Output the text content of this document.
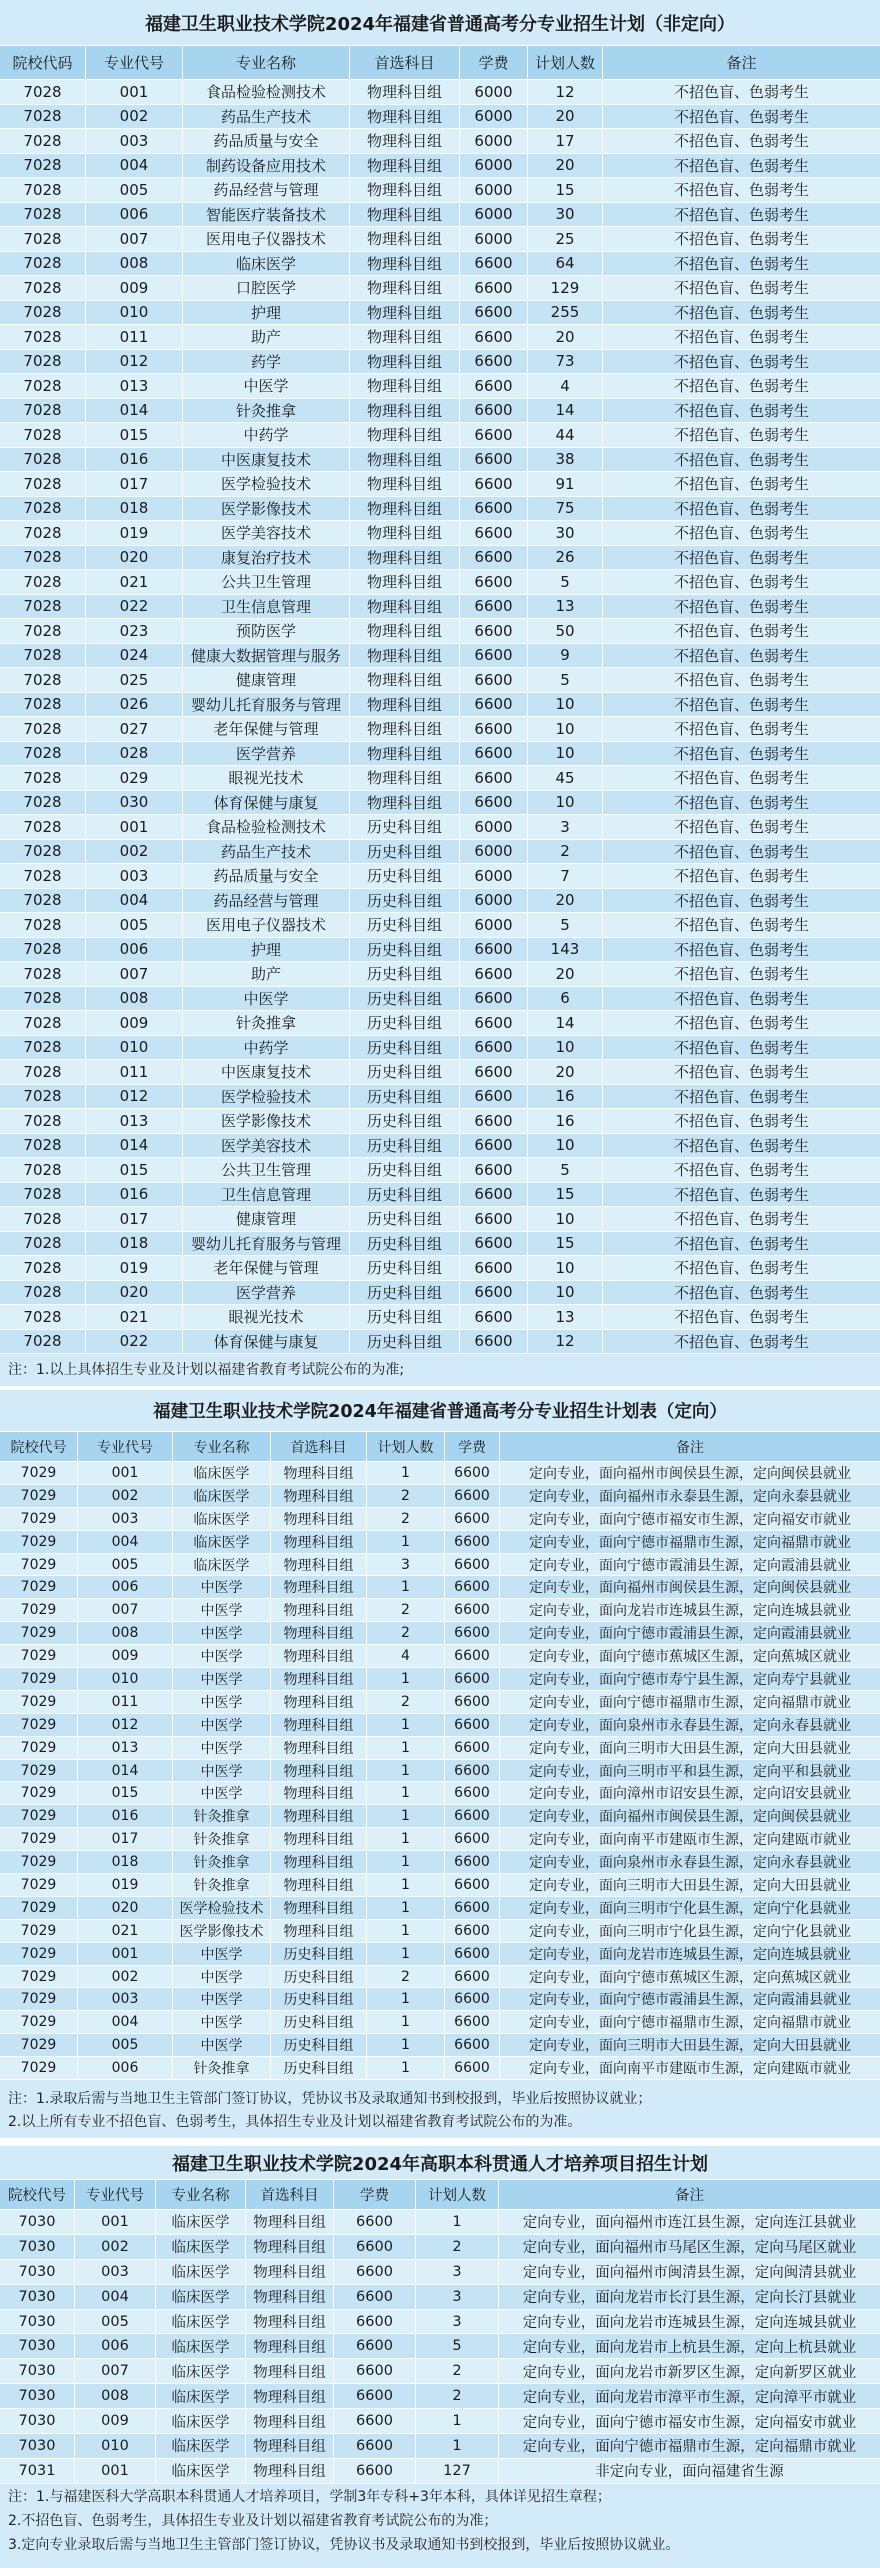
福建卫生职业技术学院2024年福建省普通高考分专业招生计划（非定向）
院校代码	专业代号	专业名称	首选科目	学费	计划人数	备注
7028	001	食品检验检测技术	物理科目组	6000	12	不招色盲、色弱考生
7028	002	药品生产技术	物理科目组	6000	20	不招色盲、色弱考生
7028	003	药品质量与安全	物理科目组	6000	17	不招色盲、色弱考生
7028	004	制药设备应用技术	物理科目组	6000	20	不招色盲、色弱考生
7028	005	药品经营与管理	物理科目组	6000	15	不招色盲、色弱考生
7028	006	智能医疗装备技术	物理科目组	6000	30	不招色盲、色弱考生
7028	007	医用电子仪器技术	物理科目组	6000	25	不招色盲、色弱考生
7028	008	临床医学	物理科目组	6600	64	不招色盲、色弱考生
7028	009	口腔医学	物理科目组	6600	129	不招色盲、色弱考生
7028	010	护理	物理科目组	6600	255	不招色盲、色弱考生
7028	011	助产	物理科目组	6600	20	不招色盲、色弱考生
7028	012	药学	物理科目组	6600	73	不招色盲、色弱考生
7028	013	中医学	物理科目组	6600	4	不招色盲、色弱考生
7028	014	针灸推拿	物理科目组	6600	14	不招色盲、色弱考生
7028	015	中药学	物理科目组	6600	44	不招色盲、色弱考生
7028	016	中医康复技术	物理科目组	6600	38	不招色盲、色弱考生
7028	017	医学检验技术	物理科目组	6600	91	不招色盲、色弱考生
7028	018	医学影像技术	物理科目组	6600	75	不招色盲、色弱考生
7028	019	医学美容技术	物理科目组	6600	30	不招色盲、色弱考生
7028	020	康复治疗技术	物理科目组	6600	26	不招色盲、色弱考生
7028	021	公共卫生管理	物理科目组	6600	5	不招色盲、色弱考生
7028	022	卫生信息管理	物理科目组	6600	13	不招色盲、色弱考生
7028	023	预防医学	物理科目组	6600	50	不招色盲、色弱考生
7028	024	健康大数据管理与服务	物理科目组	6600	9	不招色盲、色弱考生
7028	025	健康管理	物理科目组	6600	5	不招色盲、色弱考生
7028	026	婴幼儿托育服务与管理	物理科目组	6600	10	不招色盲、色弱考生
7028	027	老年保健与管理	物理科目组	6600	10	不招色盲、色弱考生
7028	028	医学营养	物理科目组	6600	10	不招色盲、色弱考生
7028	029	眼视光技术	物理科目组	6600	45	不招色盲、色弱考生
7028	030	体育保健与康复	物理科目组	6600	10	不招色盲、色弱考生
7028	001	食品检验检测技术	历史科目组	6000	3	不招色盲、色弱考生
7028	002	药品生产技术	历史科目组	6000	2	不招色盲、色弱考生
7028	003	药品质量与安全	历史科目组	6000	7	不招色盲、色弱考生
7028	004	药品经营与管理	历史科目组	6000	20	不招色盲、色弱考生
7028	005	医用电子仪器技术	历史科目组	6000	5	不招色盲、色弱考生
7028	006	护理	历史科目组	6600	143	不招色盲、色弱考生
7028	007	助产	历史科目组	6600	20	不招色盲、色弱考生
7028	008	中医学	历史科目组	6600	6	不招色盲、色弱考生
7028	009	针灸推拿	历史科目组	6600	14	不招色盲、色弱考生
7028	010	中药学	历史科目组	6600	10	不招色盲、色弱考生
7028	011	中医康复技术	历史科目组	6600	20	不招色盲、色弱考生
7028	012	医学检验技术	历史科目组	6600	16	不招色盲、色弱考生
7028	013	医学影像技术	历史科目组	6600	16	不招色盲、色弱考生
7028	014	医学美容技术	历史科目组	6600	10	不招色盲、色弱考生
7028	015	公共卫生管理	历史科目组	6600	5	不招色盲、色弱考生
7028	016	卫生信息管理	历史科目组	6600	15	不招色盲、色弱考生
7028	017	健康管理	历史科目组	6600	10	不招色盲、色弱考生
7028	018	婴幼儿托育服务与管理	历史科目组	6600	15	不招色盲、色弱考生
7028	019	老年保健与管理	历史科目组	6600	10	不招色盲、色弱考生
7028	020	医学营养	历史科目组	6600	10	不招色盲、色弱考生
7028	021	眼视光技术	历史科目组	6600	13	不招色盲、色弱考生
7028	022	体育保健与康复	历史科目组	6600	12	不招色盲、色弱考生
注：1.以上具体招生专业及计划以福建省教育考试院公布的为准;
福建卫生职业技术学院2024年福建省普通高考分专业招生计划表（定向）
院校代号	专业代号	专业名称	首选科目	计划人数	学费	备注
7029	001	临床医学	物理科目组	1	6600	定向专业，面向福州市闽侯县生源，定向闽侯县就业
7029	002	临床医学	物理科目组	2	6600	定向专业，面向福州市永泰县生源，定向永泰县就业
7029	003	临床医学	物理科目组	2	6600	定向专业，面向宁德市福安市生源，定向福安市就业
7029	004	临床医学	物理科目组	1	6600	定向专业，面向宁德市福鼎市生源，定向福鼎市就业
7029	005	临床医学	物理科目组	3	6600	定向专业，面向宁德市霞浦县生源，定向霞浦县就业
7029	006	中医学	物理科目组	1	6600	定向专业，面向福州市闽侯县生源，定向闽侯县就业
7029	007	中医学	物理科目组	2	6600	定向专业，面向龙岩市连城县生源，定向连城县就业
7029	008	中医学	物理科目组	2	6600	定向专业，面向宁德市霞浦县生源，定向霞浦县就业
7029	009	中医学	物理科目组	4	6600	定向专业，面向宁德市蕉城区生源，定向蕉城区就业
7029	010	中医学	物理科目组	1	6600	定向专业，面向宁德市寿宁县生源，定向寿宁县就业
7029	011	中医学	物理科目组	2	6600	定向专业，面向宁德市福鼎市生源，定向福鼎市就业
7029	012	中医学	物理科目组	1	6600	定向专业，面向泉州市永春县生源，定向永春县就业
7029	013	中医学	物理科目组	1	6600	定向专业，面向三明市大田县生源，定向大田县就业
7029	014	中医学	物理科目组	1	6600	定向专业，面向三明市平和县生源，定向平和县就业
7029	015	中医学	物理科目组	1	6600	定向专业，面向漳州市诏安县生源，定向诏安县就业
7029	016	针灸推拿	物理科目组	1	6600	定向专业，面向福州市闽侯县生源，定向闽侯县就业
7029	017	针灸推拿	物理科目组	1	6600	定向专业，面向南平市建瓯市生源，定向建瓯市就业
7029	018	针灸推拿	物理科目组	1	6600	定向专业，面向泉州市永春县生源，定向永春县就业
7029	019	针灸推拿	物理科目组	1	6600	定向专业，面向三明市大田县生源，定向大田县就业
7029	020	医学检验技术	物理科目组	1	6600	定向专业，面向三明市宁化县生源，定向宁化县就业
7029	021	医学影像技术	物理科目组	1	6600	定向专业，面向三明市宁化县生源，定向宁化县就业
7029	001	中医学	历史科目组	1	6600	定向专业，面向龙岩市连城县生源，定向连城县就业
7029	002	中医学	历史科目组	2	6600	定向专业，面向宁德市蕉城区生源，定向蕉城区就业
7029	003	中医学	历史科目组	1	6600	定向专业，面向宁德市霞浦县生源，定向霞浦县就业
7029	004	中医学	历史科目组	1	6600	定向专业，面向宁德市福鼎市生源，定向福鼎市就业
7029	005	中医学	历史科目组	1	6600	定向专业，面向三明市大田县生源，定向大田县就业
7029	006	针灸推拿	历史科目组	1	6600	定向专业，面向南平市建瓯市生源，定向建瓯市就业
注：1.录取后需与当地卫生主管部门签订协议，凭协议书及录取通知书到校报到，毕业后按照协议就业；
2.以上所有专业不招色盲、色弱考生，具体招生专业及计划以福建省教育考试院公布的为准。
福建卫生职业技术学院2024年高职本科贯通人才培养项目招生计划
院校代号	专业代号	专业名称	首选科目	学费	计划人数	备注
7030	001	临床医学	物理科目组	6600	1	定向专业，面向福州市连江县生源，定向连江县就业
7030	002	临床医学	物理科目组	6600	2	定向专业，面向福州市马尾区生源，定向马尾区就业
7030	003	临床医学	物理科目组	6600	3	定向专业，面向福州市闽清县生源，定向闽清县就业
7030	004	临床医学	物理科目组	6600	3	定向专业，面向龙岩市长汀县生源，定向长汀县就业
7030	005	临床医学	物理科目组	6600	3	定向专业，面向龙岩市连城县生源，定向连城县就业
7030	006	临床医学	物理科目组	6600	5	定向专业，面向龙岩市上杭县生源，定向上杭县就业
7030	007	临床医学	物理科目组	6600	2	定向专业，面向龙岩市新罗区生源，定向新罗区就业
7030	008	临床医学	物理科目组	6600	2	定向专业，面向龙岩市漳平市生源，定向漳平市就业
7030	009	临床医学	物理科目组	6600	1	定向专业，面向宁德市福安市生源，定向福安市就业
7030	010	临床医学	物理科目组	6600	1	定向专业，面向宁德市福鼎市生源，定向福鼎市就业
7031	001	临床医学	物理科目组	6600	127	非定向专业，面向福建省生源
注：1.与福建医科大学高职本科贯通人才培养项目，学制3年专科+3年本科，具体详见招生章程；
2.不招色盲、色弱考生，具体招生专业及计划以福建省教育考试院公布的为准；
3.定向专业录取后需与当地卫生主管部门签订协议，凭协议书及录取通知书到校报到，毕业后按照协议就业。
